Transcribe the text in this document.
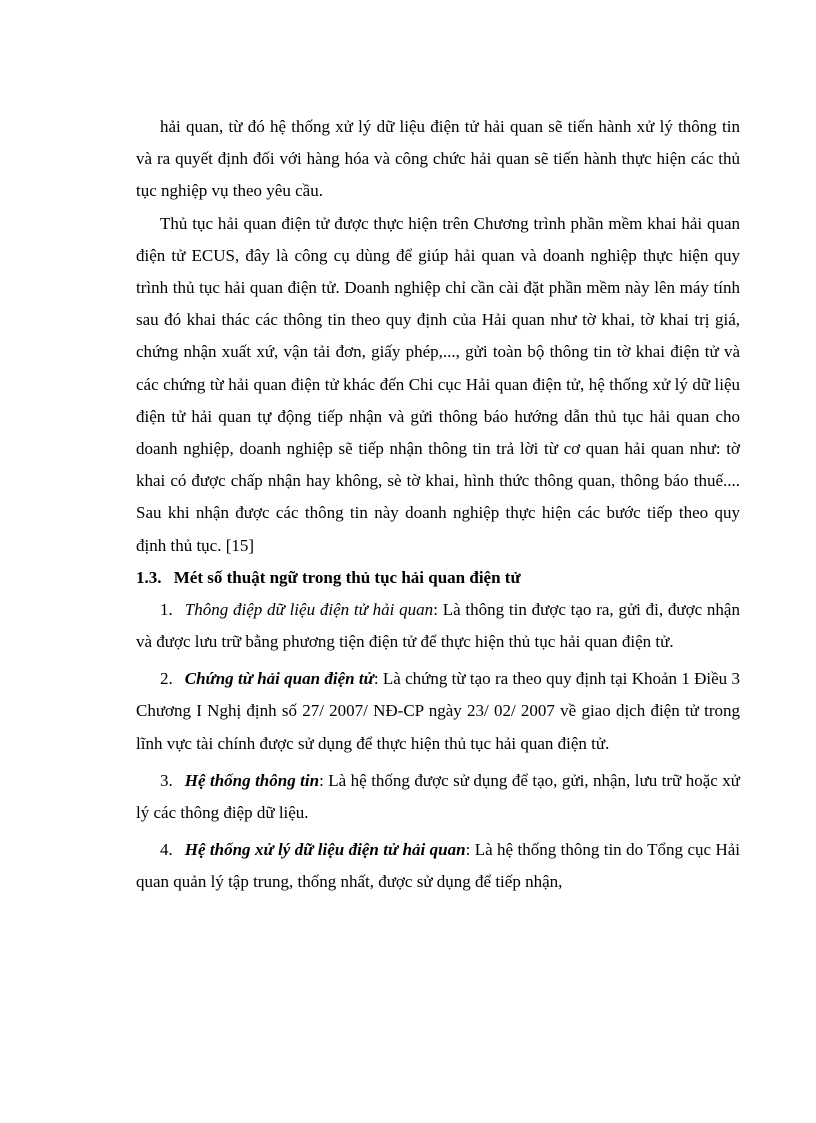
hải quan, từ đó hệ thống xử lý dữ liệu điện tử hải quan sẽ tiến hành xử lý thông tin và ra quyết định đối với hàng hóa và công chức hải quan sẽ tiến hành thực hiện các thủ tục nghiệp vụ theo yêu cầu.

Thủ tục hải quan điện tử được thực hiện trên Chương trình phần mềm khai hải quan điện tử ECUS, đây là công cụ dùng để giúp hải quan và doanh nghiệp thực hiện quy trình thủ tục hải quan điện tử. Doanh nghiệp chỉ cần cài đặt phần mềm này lên máy tính sau đó khai thác các thông tin theo quy định của Hải quan như tờ khai, tờ khai trị giá, chứng nhận xuất xứ, vận tải đơn, giấy phép,..., gửi toàn bộ thông tin tờ khai điện tử và các chứng từ hải quan điện tử khác đến Chi cục Hải quan điện tử, hệ thống xử lý dữ liệu điện tử hải quan tự động tiếp nhận và gửi thông báo hướng dẫn thủ tục hải quan cho doanh nghiệp, doanh nghiệp sẽ tiếp nhận thông tin trả lời từ cơ quan hải quan như: tờ khai có được chấp nhận hay không, sè tờ khai, hình thức thông quan, thông báo thuế.... Sau khi nhận được các thông tin này doanh nghiệp thực hiện các bước tiếp theo quy định thủ tục. [15]

1.3. Mét số thuật ngữ trong thủ tục hải quan điện tử

1. Thông điệp dữ liệu điện tử hải quan: Là thông tin được tạo ra, gửi đi, được nhận và được lưu trữ bằng phương tiện điện tử để thực hiện thủ tục hải quan điện tử.

2. Chứng từ hải quan điện tử: Là chứng từ tạo ra theo quy định tại Khoản 1 Điều 3 Chương I Nghị định số 27/ 2007/ NĐ-CP ngày 23/ 02/ 2007 về giao dịch điện tử trong lĩnh vực tài chính được sử dụng để thực hiện thủ tục hải quan điện tử.

3. Hệ thống thông tin: Là hệ thống được sử dụng để tạo, gửi, nhận, lưu trữ hoặc xử lý các thông điệp dữ liệu.

4. Hệ thống xử lý dữ liệu điện tử hải quan: Là hệ thống thông tin do Tổng cục Hải quan quản lý tập trung, thống nhất, được sử dụng để tiếp nhận,
